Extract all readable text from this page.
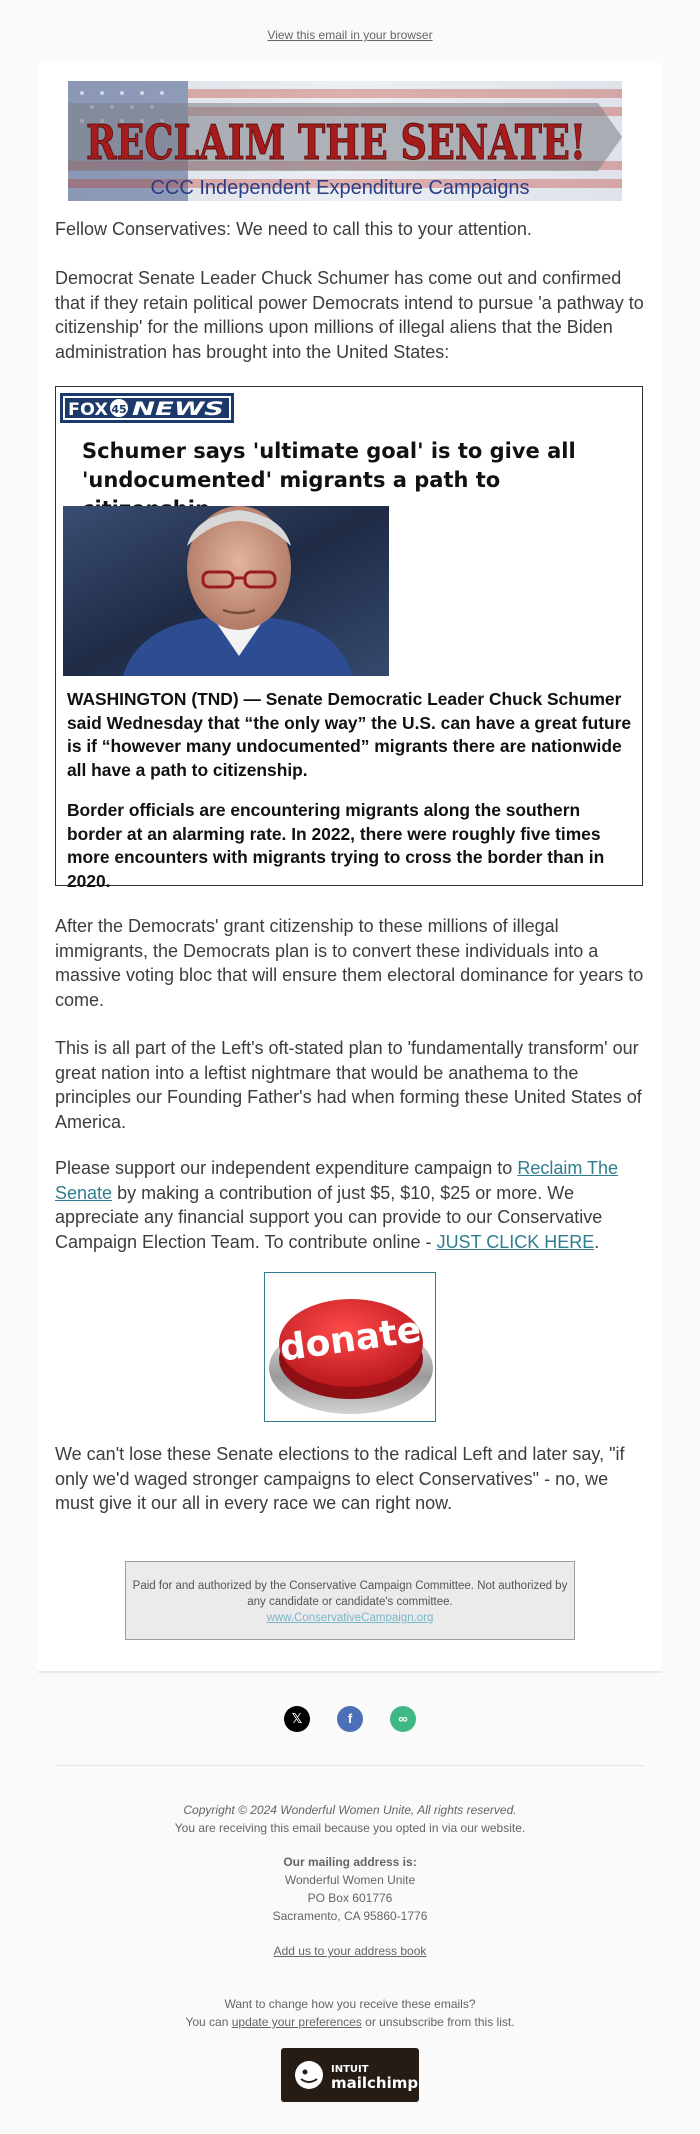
View this email in your browser
RECLAIM THE SENATE!
CCC Independent Expenditure Campaigns

Fellow Conservatives: We need to call this to your attention.

Democrat Senate Leader Chuck Schumer has come out and confirmed that if they retain political power Democrats intend to pursue 'a pathway to citizenship' for the millions upon millions of illegal aliens that the Biden administration has brought into the United States:

FOX 45 NEWS
Schumer says 'ultimate goal' is to give all 'undocumented' migrants a path to
WASHINGTON (TND) — Senate Democratic Leader Chuck Schumer said Wednesday that “the only way” the U.S. can have a great future is if “however many undocumented” migrants there are nationwide all have a path to citizenship.
Border officials are encountering migrants along the southern border at an alarming rate. In 2022, there were roughly five times more encounters with migrants trying to cross the border than in 2020.

After the Democrats' grant citizenship to these millions of illegal immigrants, the Democrats plan is to convert these individuals into a massive voting bloc that will ensure them electoral dominance for years to come.

This is all part of the Left's oft-stated plan to 'fundamentally transform' our great nation into a leftist nightmare that would be anathema to the principles our Founding Father's had when forming these United States of America.

Please support our independent expenditure campaign to Reclaim The Senate by making a contribution of just $5, $10, $25 or more. We appreciate any financial support you can provide to our Conservative Campaign Election Team. To contribute online - JUST CLICK HERE.

donate

We can't lose these Senate elections to the radical Left and later say, "if only we'd waged stronger campaigns to elect Conservatives" - no, we must give it our all in every race we can right now.

Paid for and authorized by the Conservative Campaign Committee. Not authorized by any candidate or candidate's committee.
www.ConservativeCampaign.org
𝕏	f	∞
Copyright © 2024 Wonderful Women Unite, All rights reserved.
You are receiving this email because you opted in via our website.
Our mailing address is:
Wonderful Women Unite
PO Box 601776
Sacramento, CA 95860-1776
Add us to your address book
Want to change how you receive these emails?
You can update your preferences or unsubscribe from this list.
INTUIT
mailchimp
